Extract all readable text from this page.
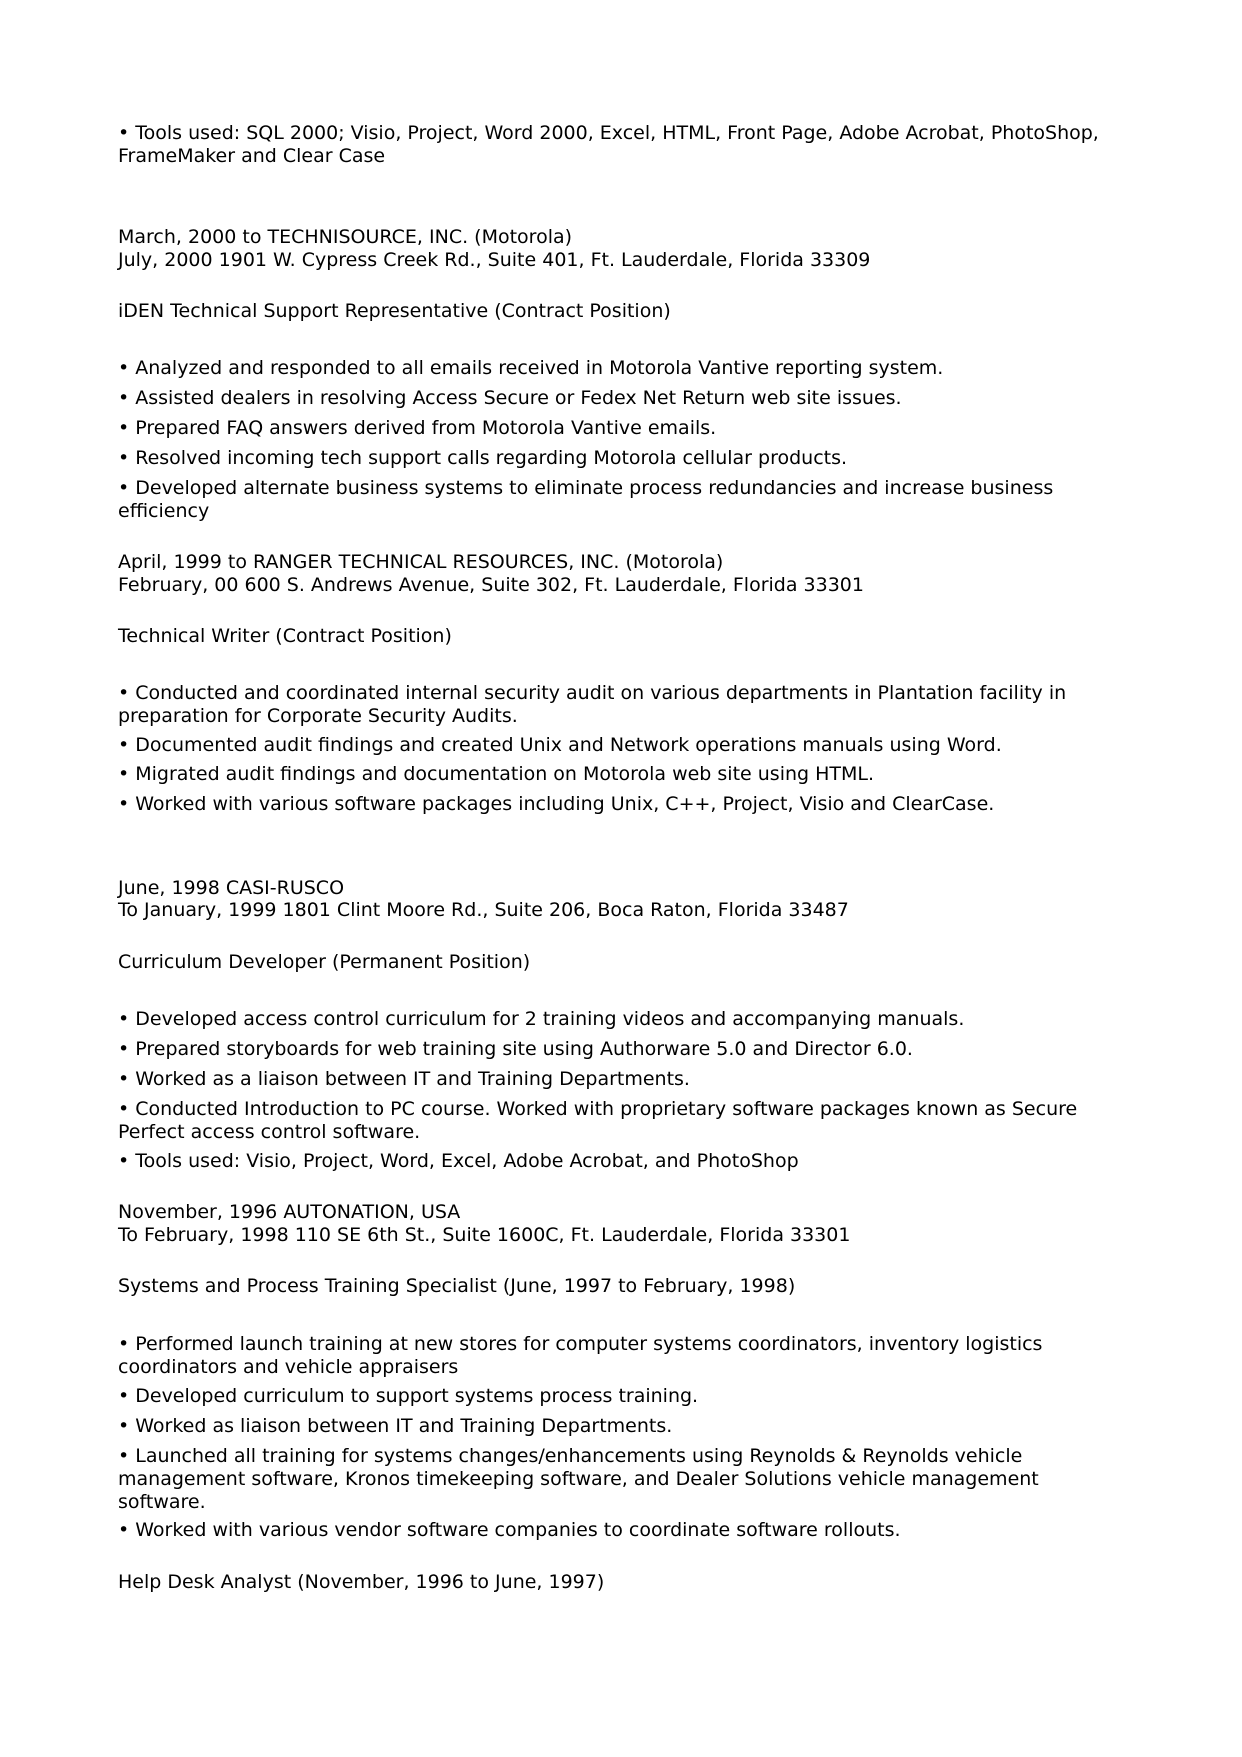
• Tools used: SQL 2000; Visio, Project, Word 2000, Excel, HTML, Front Page, Adobe Acrobat, PhotoShop,
FrameMaker and Clear Case
March, 2000 to TECHNISOURCE, INC. (Motorola)
July, 2000 1901 W. Cypress Creek Rd., Suite 401, Ft. Lauderdale, Florida 33309
iDEN Technical Support Representative (Contract Position)
• Analyzed and responded to all emails received in Motorola Vantive reporting system.
• Assisted dealers in resolving Access Secure or Fedex Net Return web site issues.
• Prepared FAQ answers derived from Motorola Vantive emails.
• Resolved incoming tech support calls regarding Motorola cellular products.
• Developed alternate business systems to eliminate process redundancies and increase business
efficiency
April, 1999 to RANGER TECHNICAL RESOURCES, INC. (Motorola)
February, 00 600 S. Andrews Avenue, Suite 302, Ft. Lauderdale, Florida 33301
Technical Writer (Contract Position)
• Conducted and coordinated internal security audit on various departments in Plantation facility in
preparation for Corporate Security Audits.
• Documented audit findings and created Unix and Network operations manuals using Word.
• Migrated audit findings and documentation on Motorola web site using HTML.
• Worked with various software packages including Unix, C++, Project, Visio and ClearCase.
June, 1998 CASI-RUSCO
To January, 1999 1801 Clint Moore Rd., Suite 206, Boca Raton, Florida 33487
Curriculum Developer (Permanent Position)
• Developed access control curriculum for 2 training videos and accompanying manuals.
• Prepared storyboards for web training site using Authorware 5.0 and Director 6.0.
• Worked as a liaison between IT and Training Departments.
• Conducted Introduction to PC course. Worked with proprietary software packages known as Secure
Perfect access control software.
• Tools used: Visio, Project, Word, Excel, Adobe Acrobat, and PhotoShop
November, 1996 AUTONATION, USA
To February, 1998 110 SE 6th St., Suite 1600C, Ft. Lauderdale, Florida 33301
Systems and Process Training Specialist (June, 1997 to February, 1998)
• Performed launch training at new stores for computer systems coordinators, inventory logistics
coordinators and vehicle appraisers
• Developed curriculum to support systems process training.
• Worked as liaison between IT and Training Departments.
• Launched all training for systems changes/enhancements using Reynolds & Reynolds vehicle
management software, Kronos timekeeping software, and Dealer Solutions vehicle management
software.
• Worked with various vendor software companies to coordinate software rollouts.
Help Desk Analyst (November, 1996 to June, 1997)
